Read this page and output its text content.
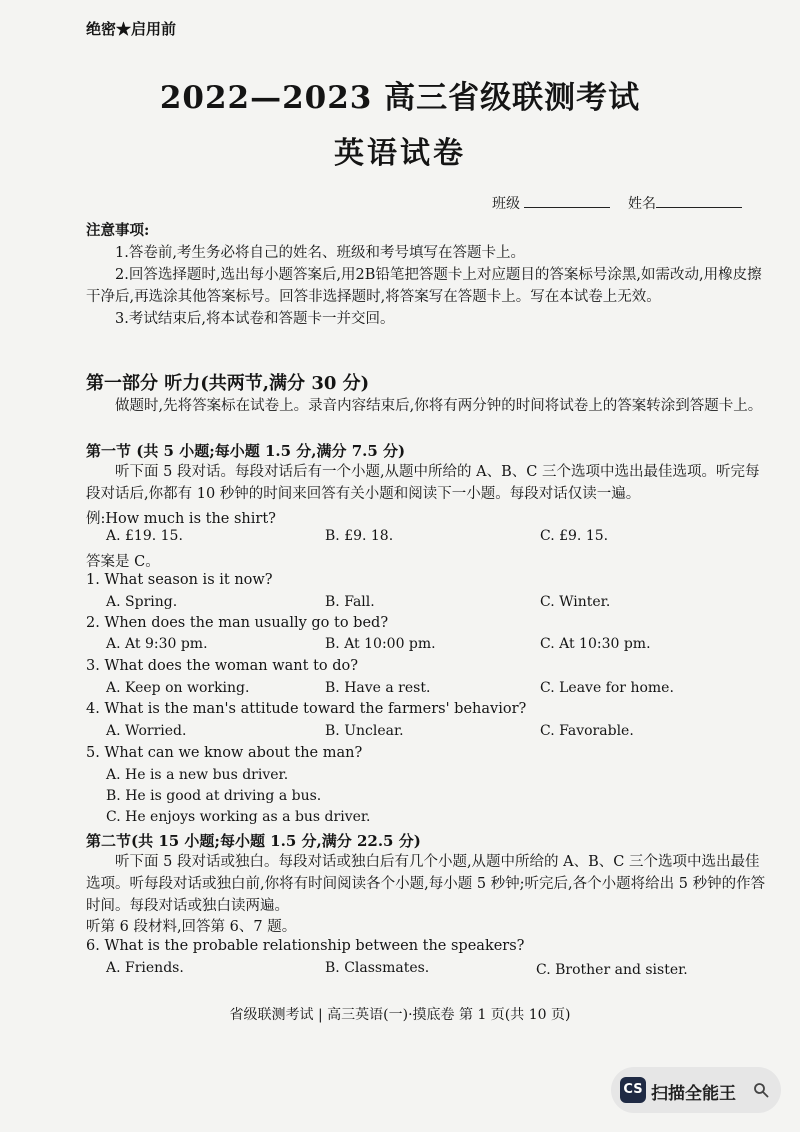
绝密★启用前
2022—2023 高三省级联测考试
英语试卷
班级	姓名

注意事项:

1.答卷前,考生务必将自己的姓名、班级和考号填写在答题卡上。

2.回答选择题时,选出每小题答案后,用2B铅笔把答题卡上对应题目的答案标号涂黑,如需改动,用橡皮擦干净后,再选涂其他答案标号。回答非选择题时,将答案写在答题卡上。写在本试卷上无效。

3.考试结束后,将本试卷和答题卡一并交回。

第一部分 听力(共两节,满分 30 分)

做题时,先将答案标在试卷上。录音内容结束后,你将有两分钟的时间将试卷上的答案转涂到答题卡上。

第一节 (共 5 小题;每小题 1.5 分,满分 7.5 分)

听下面 5 段对话。每段对话后有一个小题,从题中所给的 A、B、C 三个选项中选出最佳选项。听完每段对话后,你都有 10 秒钟的时间来回答有关小题和阅读下一小题。每段对话仅读一遍。

例:How much is the shirt?
A. £19. 15.	B. £9. 18.	C. £9. 15.
答案是 C。
1. What season is it now?
A. Spring.	B. Fall.	C. Winter.
2. When does the man usually go to bed?
A. At 9:30 pm.	B. At 10:00 pm.	C. At 10:30 pm.
3. What does the woman want to do?
A. Keep on working.	B. Have a rest.	C. Leave for home.
4. What is the man's attitude toward the farmers' behavior?
A. Worried.	B. Unclear.	C. Favorable.
5. What can we know about the man?
A. He is a new bus driver.
B. He is good at driving a bus.
C. He enjoys working as a bus driver.
第二节(共 15 小题;每小题 1.5 分,满分 22.5 分)

听下面 5 段对话或独白。每段对话或独白后有几个小题,从题中所给的 A、B、C 三个选项中选出最佳选项。听每段对话或独白前,你将有时间阅读各个小题,每小题 5 秒钟;听完后,各个小题将给出 5 秒钟的作答时间。每段对话或独白读两遍。

听第 6 段材料,回答第 6、7 题。
6. What is the probable relationship between the speakers?
A. Friends.	B. Classmates.	C. Brother and sister.
省级联测考试 | 高三英语(一)·摸底卷 第 1 页(共 10 页)
CS 扫描全能王
